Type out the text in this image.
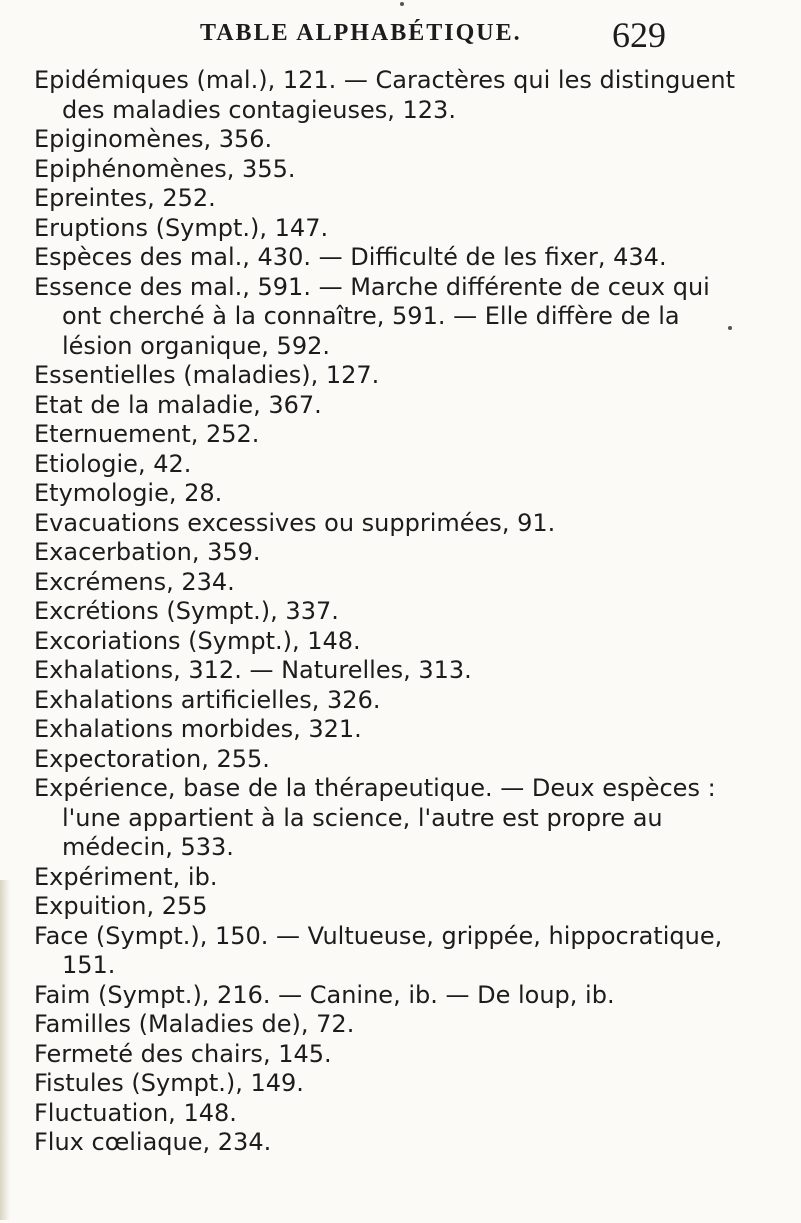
TABLE ALPHABÉTIQUE.	629
Epidémiques (mal.), 121. — Caractères qui les distinguent des maladies contagieuses, 123.
Epiginomènes, 356.
Epiphénomènes, 355.
Epreintes, 252.
Eruptions (Sympt.), 147.
Espèces des mal., 430. — Difficulté de les fixer, 434.
Essence des mal., 591. — Marche différente de ceux qui ont cherché à la connaître, 591. — Elle diffère de la lésion organique, 592.
Essentielles (maladies), 127.
Etat de la maladie, 367.
Eternuement, 252.
Etiologie, 42.
Etymologie, 28.
Evacuations excessives ou supprimées, 91.
Exacerbation, 359.
Excrémens, 234.
Excrétions (Sympt.), 337.
Excoriations (Sympt.), 148.
Exhalations, 312. — Naturelles, 313.
Exhalations artificielles, 326.
Exhalations morbides, 321.
Expectoration, 255.
Expérience, base de la thérapeutique. — Deux espèces : l'une appartient à la science, l'autre est propre au médecin, 533.
Expériment, ib.
Expuition, 255
Face (Sympt.), 150. — Vultueuse, grippée, hippocratique, 151.
Faim (Sympt.), 216. — Canine, ib. — De loup, ib.
Familles (Maladies de), 72.
Fermeté des chairs, 145.
Fistules (Sympt.), 149.
Fluctuation, 148.
Flux cœliaque, 234.
